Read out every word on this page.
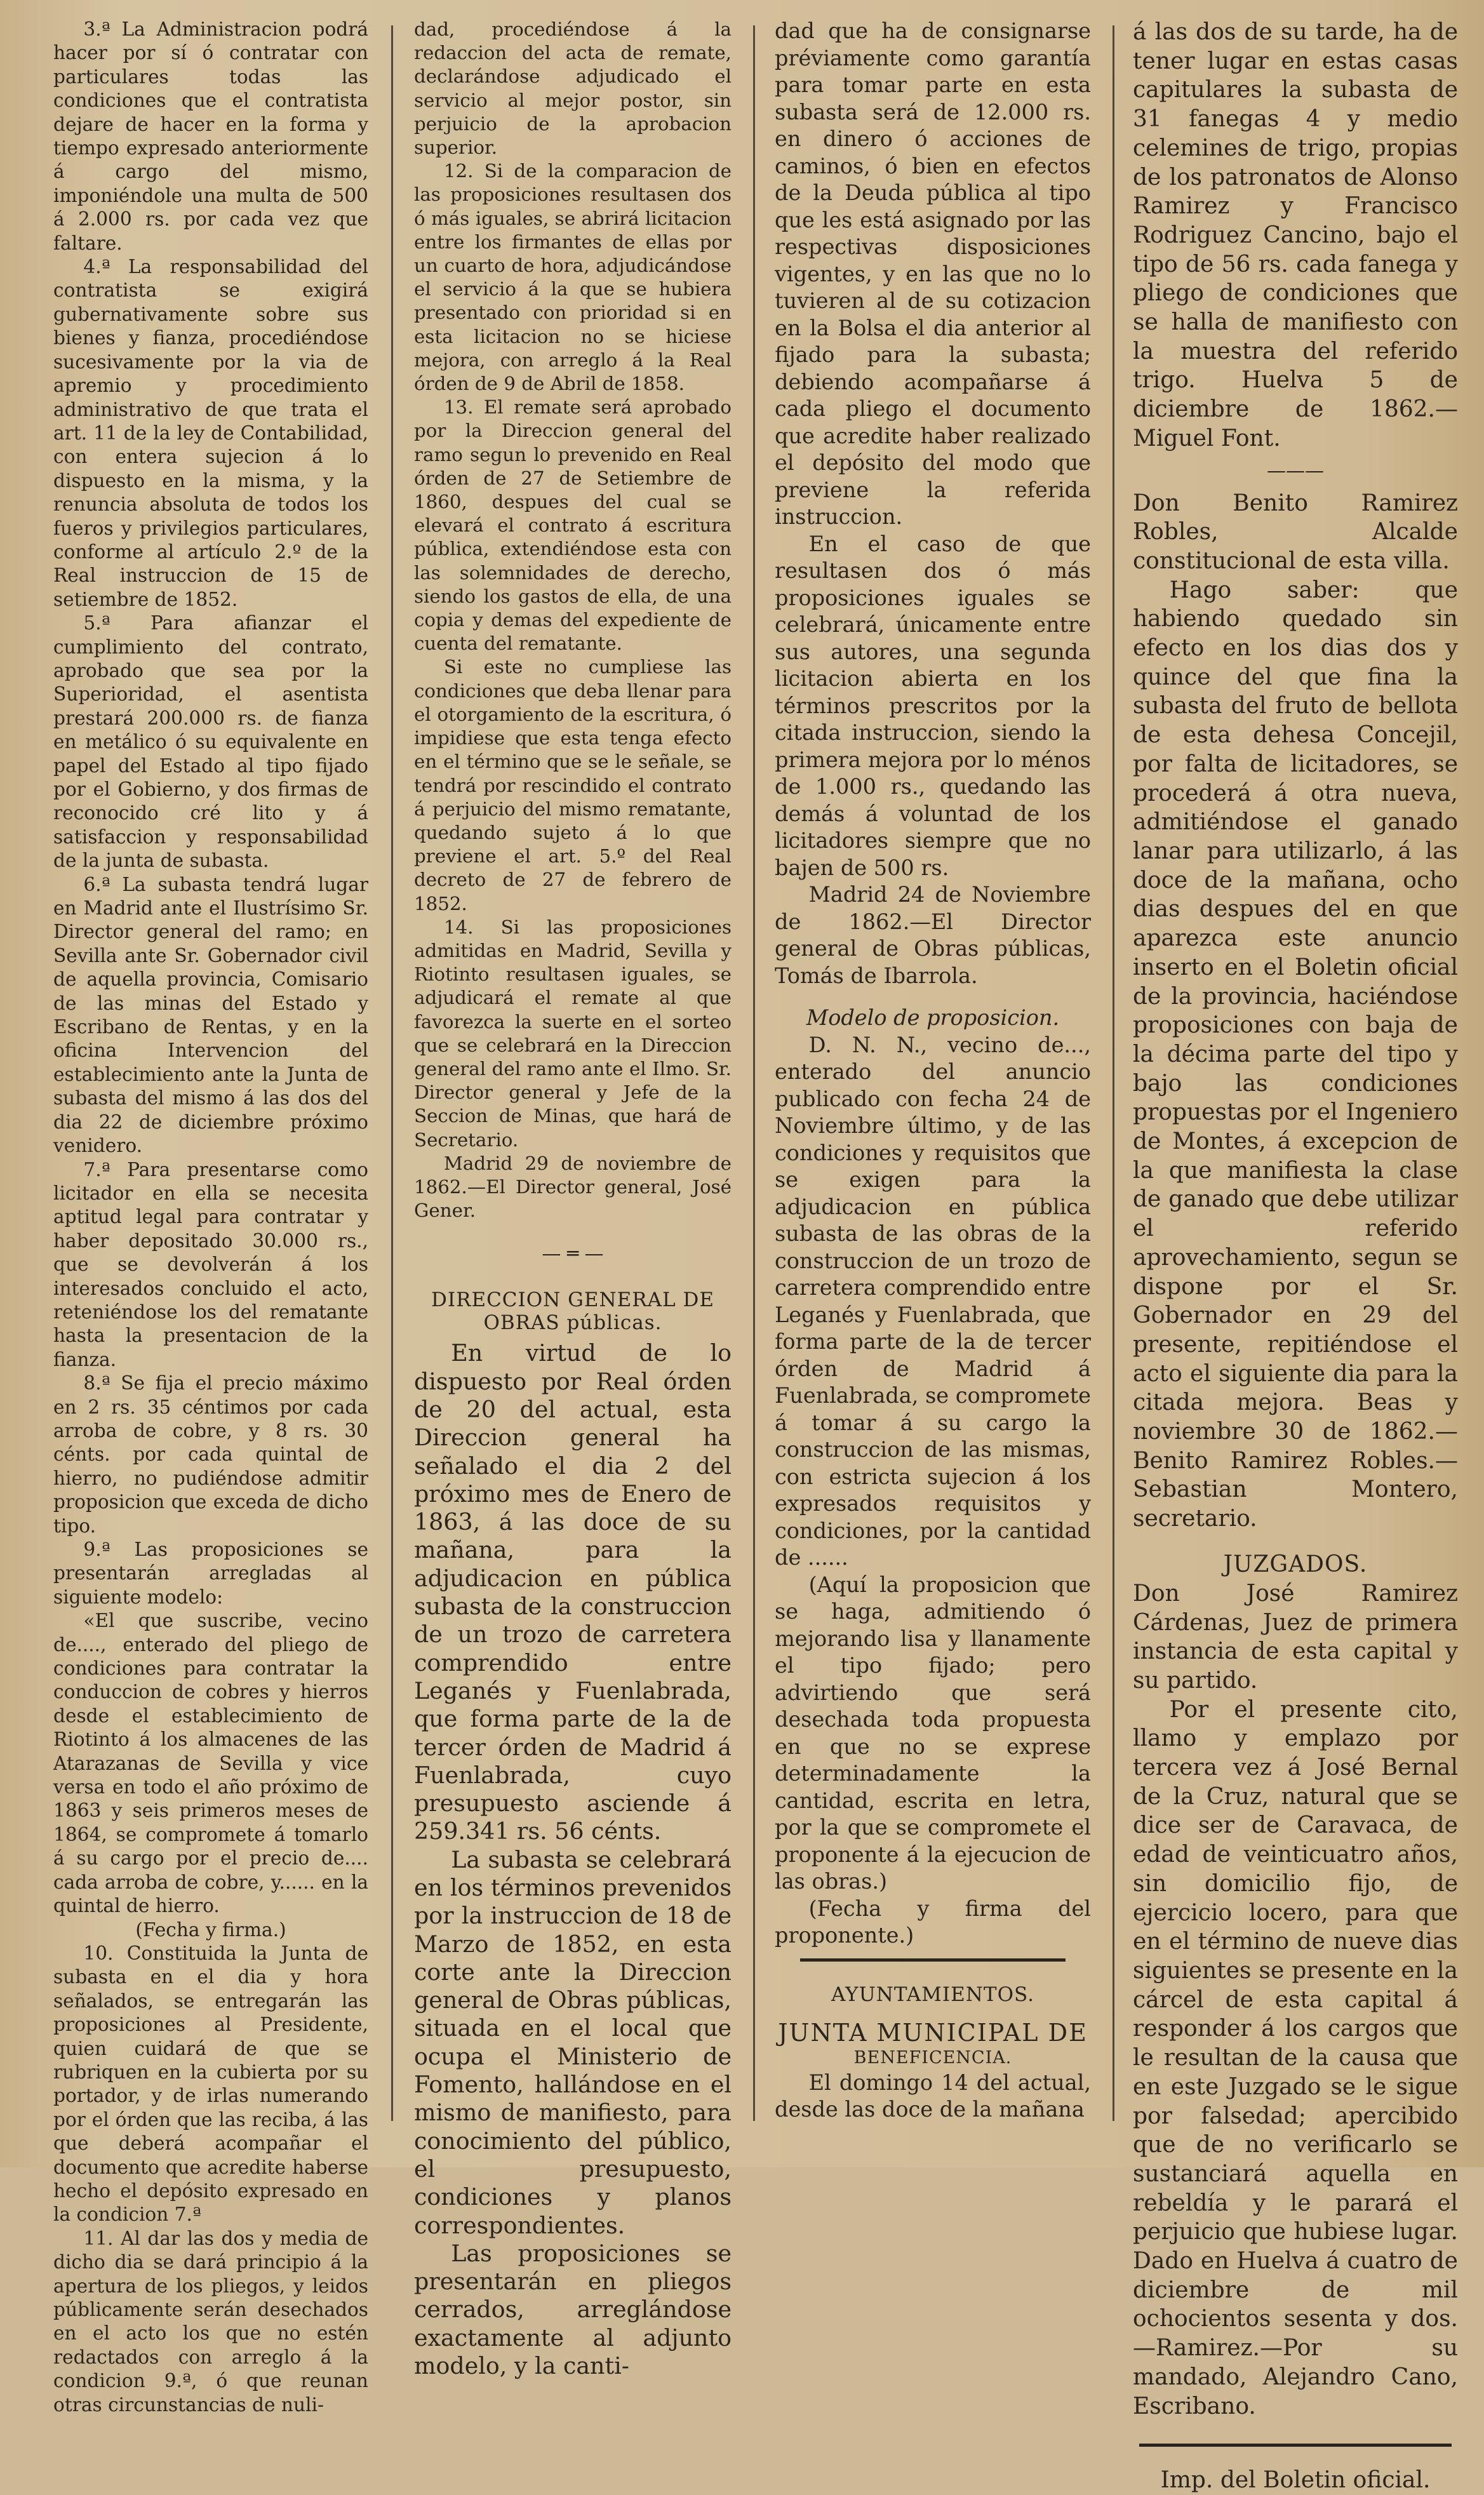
3.ª La Administracion podrá hacer por sí ó contratar con particulares todas las condiciones que el contratista dejare de hacer en la forma y tiempo expresado anteriormente á cargo del mismo, imponiéndole una multa de 500 á 2.000 rs. por cada vez que faltare.

4.ª La responsabilidad del contratista se exigirá gubernativamente sobre sus bienes y fianza, procediéndose sucesivamente por la via de apremio y procedimiento administrativo de que trata el art. 11 de la ley de Contabilidad, con entera sujecion á lo dispuesto en la misma, y la renuncia absoluta de todos los fueros y privilegios particulares, conforme al artículo 2.º de la Real instruccion de 15 de setiembre de 1852.

5.ª Para afianzar el cumplimiento del contrato, aprobado que sea por la Superioridad, el asentista prestará 200.000 rs. de fianza en metálico ó su equivalente en papel del Estado al tipo fijado por el Gobierno, y dos firmas de reconocido cré lito y á satisfaccion y responsabilidad de la junta de subasta.

6.ª La subasta tendrá lugar en Madrid ante el Ilustrísimo Sr. Director general del ramo; en Sevilla ante Sr. Gobernador civil de aquella provincia, Comisario de las minas del Estado y Escribano de Rentas, y en la oficina Intervencion del establecimiento ante la Junta de subasta del mismo á las dos del dia 22 de diciembre próximo venidero.

7.ª Para presentarse como licitador en ella se necesita aptitud legal para contratar y haber depositado 30.000 rs., que se devolverán á los interesados concluido el acto, reteniéndose los del rematante hasta la presentacion de la fianza.

8.ª Se fija el precio máximo en 2 rs. 35 céntimos por cada arroba de cobre, y 8 rs. 30 cénts. por cada quintal de hierro, no pudiéndose admitir proposicion que exceda de dicho tipo.

9.ª Las proposiciones se presentarán arregladas al siguiente modelo:

«El que suscribe, vecino de...., enterado del pliego de condiciones para contratar la conduccion de cobres y hierros desde el establecimiento de Riotinto á los almacenes de las Atarazanas de Sevilla y vice versa en todo el año próximo de 1863 y seis primeros meses de 1864, se compromete á tomarlo á su cargo por el precio de.... cada arroba de cobre, y...... en la quintal de hierro.

(Fecha y firma.)

10. Constituida la Junta de subasta en el dia y hora señalados, se entregarán las proposiciones al Presidente, quien cuidará de que se rubriquen en la cubierta por su portador, y de irlas numerando por el órden que las reciba, á las que deberá acompañar el documento que acredite haberse hecho el depósito expresado en la condicion 7.ª

11. Al dar las dos y media de dicho dia se dará principio á la apertura de los pliegos, y leidos públicamente serán desechados en el acto los que no estén redactados con arreglo á la condicion 9.ª, ó que reunan otras circunstancias de nuli-

dad, procediéndose á la redaccion del acta de remate, declarándose adjudicado el servicio al mejor postor, sin perjuicio de la aprobacion superior.

12. Si de la comparacion de las proposiciones resultasen dos ó más iguales, se abrirá licitacion entre los firmantes de ellas por un cuarto de hora, adjudicándose el servicio á la que se hubiera presentado con prioridad si en esta licitacion no se hiciese mejora, con arreglo á la Real órden de 9 de Abril de 1858.

13. El remate será aprobado por la Direccion general del ramo segun lo prevenido en Real órden de 27 de Setiembre de 1860, despues del cual se elevará el contrato á escritura pública, extendiéndose esta con las solemnidades de derecho, siendo los gastos de ella, de una copia y demas del expediente de cuenta del rematante.

Si este no cumpliese las condiciones que deba llenar para el otorgamiento de la escritura, ó impidiese que esta tenga efecto en el término que se le señale, se tendrá por rescindido el contrato á perjuicio del mismo rematante, quedando sujeto á lo que previene el art. 5.º del Real decreto de 27 de febrero de 1852.

14. Si las proposiciones admitidas en Madrid, Sevilla y Riotinto resultasen iguales, se adjudicará el remate al que favorezca la suerte en el sorteo que se celebrará en la Direccion general del ramo ante el Ilmo. Sr. Director general y Jefe de la Seccion de Minas, que hará de Secretario.

Madrid 29 de noviembre de 1862.—El Director general, José Gener.

— ═ —
DIRECCION GENERAL DE OBRAS públicas.

En virtud de lo dispuesto por Real órden de 20 del actual, esta Direccion general ha señalado el dia 2 del próximo mes de Enero de 1863, á las doce de su mañana, para la adjudicacion en pública subasta de la construccion de un trozo de carretera comprendido entre Leganés y Fuenlabrada, que forma parte de la de tercer órden de Madrid á Fuenlabrada, cuyo presupuesto asciende á 259.341 rs. 56 cénts.

La subasta se celebrará en los términos prevenidos por la instruccion de 18 de Marzo de 1852, en esta corte ante la Direccion general de Obras públicas, situada en el local que ocupa el Ministerio de Fomento, hallándose en el mismo de manifiesto, para conocimiento del público, el presupuesto, condiciones y planos correspondientes.

Las proposiciones se presentarán en pliegos cerrados, arreglándose exactamente al adjunto modelo, y la canti-

dad que ha de consignarse préviamente como garantía para tomar parte en esta subasta será de 12.000 rs. en dinero ó acciones de caminos, ó bien en efectos de la Deuda pública al tipo que les está asignado por las respectivas disposiciones vigentes, y en las que no lo tuvieren al de su cotizacion en la Bolsa el dia anterior al fijado para la subasta; debiendo acompañarse á cada pliego el documento que acredite haber realizado el depósito del modo que previene la referida instruccion.

En el caso de que resultasen dos ó más proposiciones iguales se celebrará, únicamente entre sus autores, una segunda licitacion abierta en los términos prescritos por la citada instruccion, siendo la primera mejora por lo ménos de 1.000 rs., quedando las demás á voluntad de los licitadores siempre que no bajen de 500 rs.

Madrid 24 de Noviembre de 1862.—El Director general de Obras públicas, Tomás de Ibarrola.

Modelo de proposicion.

D. N. N., vecino de..., enterado del anuncio publicado con fecha 24 de Noviembre último, y de las condiciones y requisitos que se exigen para la adjudicacion en pública subasta de las obras de la construccion de un trozo de carretera comprendido entre Leganés y Fuenlabrada, que forma parte de la de tercer órden de Madrid á Fuenlabrada, se compromete á tomar á su cargo la construccion de las mismas, con estricta sujecion á los expresados requisitos y condiciones, por la cantidad de ......

(Aquí la proposicion que se haga, admitiendo ó mejorando lisa y llanamente el tipo fijado; pero advirtiendo que será desechada toda propuesta en que no se exprese determinadamente la cantidad, escrita en letra, por la que se compromete el proponente á la ejecucion de las obras.)

(Fecha y firma del proponente.)

AYUNTAMIENTOS.
JUNTA MUNICIPAL DE
BENEFICENCIA.

El domingo 14 del actual, desde las doce de la mañana

á las dos de su tarde, ha de tener lugar en estas casas capitulares la subasta de 31 fanegas 4 y medio celemines de trigo, propias de los patronatos de Alonso Ramirez y Francisco Rodriguez Cancino, bajo el tipo de 56 rs. cada fanega y pliego de condiciones que se halla de manifiesto con la muestra del referido trigo. Huelva 5 de diciembre de 1862.—Miguel Font.

———

Don Benito Ramirez Robles, Alcalde constitucional de esta villa.

Hago saber: que habiendo quedado sin efecto en los dias dos y quince del que fina la subasta del fruto de bellota de esta dehesa Concejil, por falta de licitadores, se procederá á otra nueva, admitiéndose el ganado lanar para utilizarlo, á las doce de la mañana, ocho dias despues del en que aparezca este anuncio inserto en el Boletin oficial de la provincia, haciéndose proposiciones con baja de la décima parte del tipo y bajo las condiciones propuestas por el Ingeniero de Montes, á excepcion de la que manifiesta la clase de ganado que debe utilizar el referido aprovechamiento, segun se dispone por el Sr. Gobernador en 29 del presente, repitiéndose el acto el siguiente dia para la citada mejora. Beas y noviembre 30 de 1862.—Benito Ramirez Robles.—Sebastian Montero, secretario.

JUZGADOS.

Don José Ramirez Cárdenas, Juez de primera instancia de esta capital y su partido.

Por el presente cito, llamo y emplazo por tercera vez á José Bernal de la Cruz, natural que se dice ser de Caravaca, de edad de veinticuatro años, sin domicilio fijo, de ejercicio locero, para que en el término de nueve dias siguientes se presente en la cárcel de esta capital á responder á los cargos que le resultan de la causa que en este Juzgado se le sigue por falsedad; apercibido que de no verificarlo se sustanciará aquella en rebeldía y le parará el perjuicio que hubiese lugar. Dado en Huelva á cuatro de diciembre de mil ochocientos sesenta y dos.—Ramirez.—Por su mandado, Alejandro Cano, Escribano.

Imp. del Boletin oficial.
